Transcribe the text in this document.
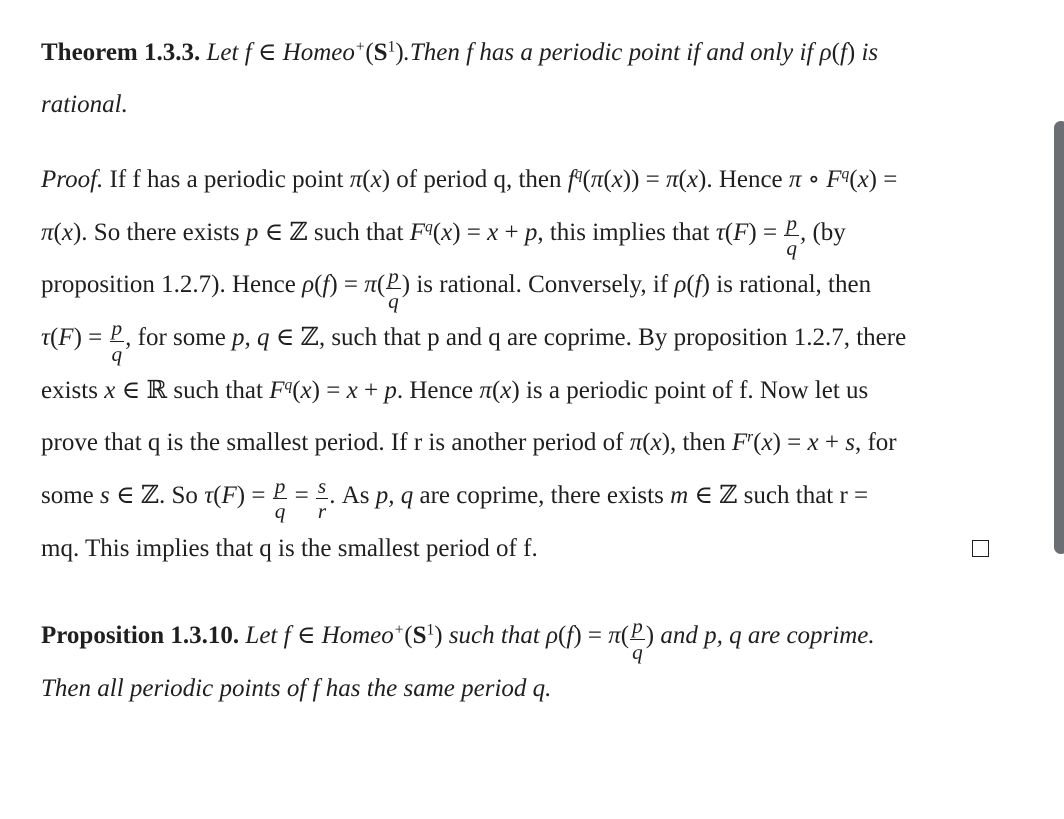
Theorem 1.3.3. Let f ∈ $Homeo^+(S^1).Then$ f has a periodic point if and only if ρ(f) is
rational.
Proof. If f has a periodic point π(x) of period q, then $f^q(\pi(x)) = \pi(x)$. Hence π ∘ $F^q(x)$ =
π(x). So there exists p ∈ ℤ such that $F^q(x) = x + p$, this implies that $\tau(F) = \frac{p}{q}$ , (by
proposition 1.2.7). Hence $\rho(f) = \pi( \frac{p}{q}$ ) is rational. Conversely, if ρ(f) is rational, then
$\tau(F) = \frac{p}{q}$ , for some p, q ∈ ℤ, such that p and q are coprime. By proposition 1.2.7, there
exists x ∈ ℝ such that $F^q(x) = x + p$. Hence π(x) is a periodic point of f. Now let us
prove that q is the smallest period. If r is another period of π(x), then $F^r(x) = x + s$, for
some s ∈ ℤ. So $\tau(F) = \frac{p}{q} = \frac{s}{r}$ . As p, q are coprime, there exists m ∈ ℤ such that r =
mq. This implies that q is the smallest period of f.
Proposition 1.3.10. Let f ∈ $Homeo^+(S^1)$ such that $\rho(f) = \pi( \frac{p}{q}$ ) and p, q are coprime.
Then all periodic points of f has the same period q.
